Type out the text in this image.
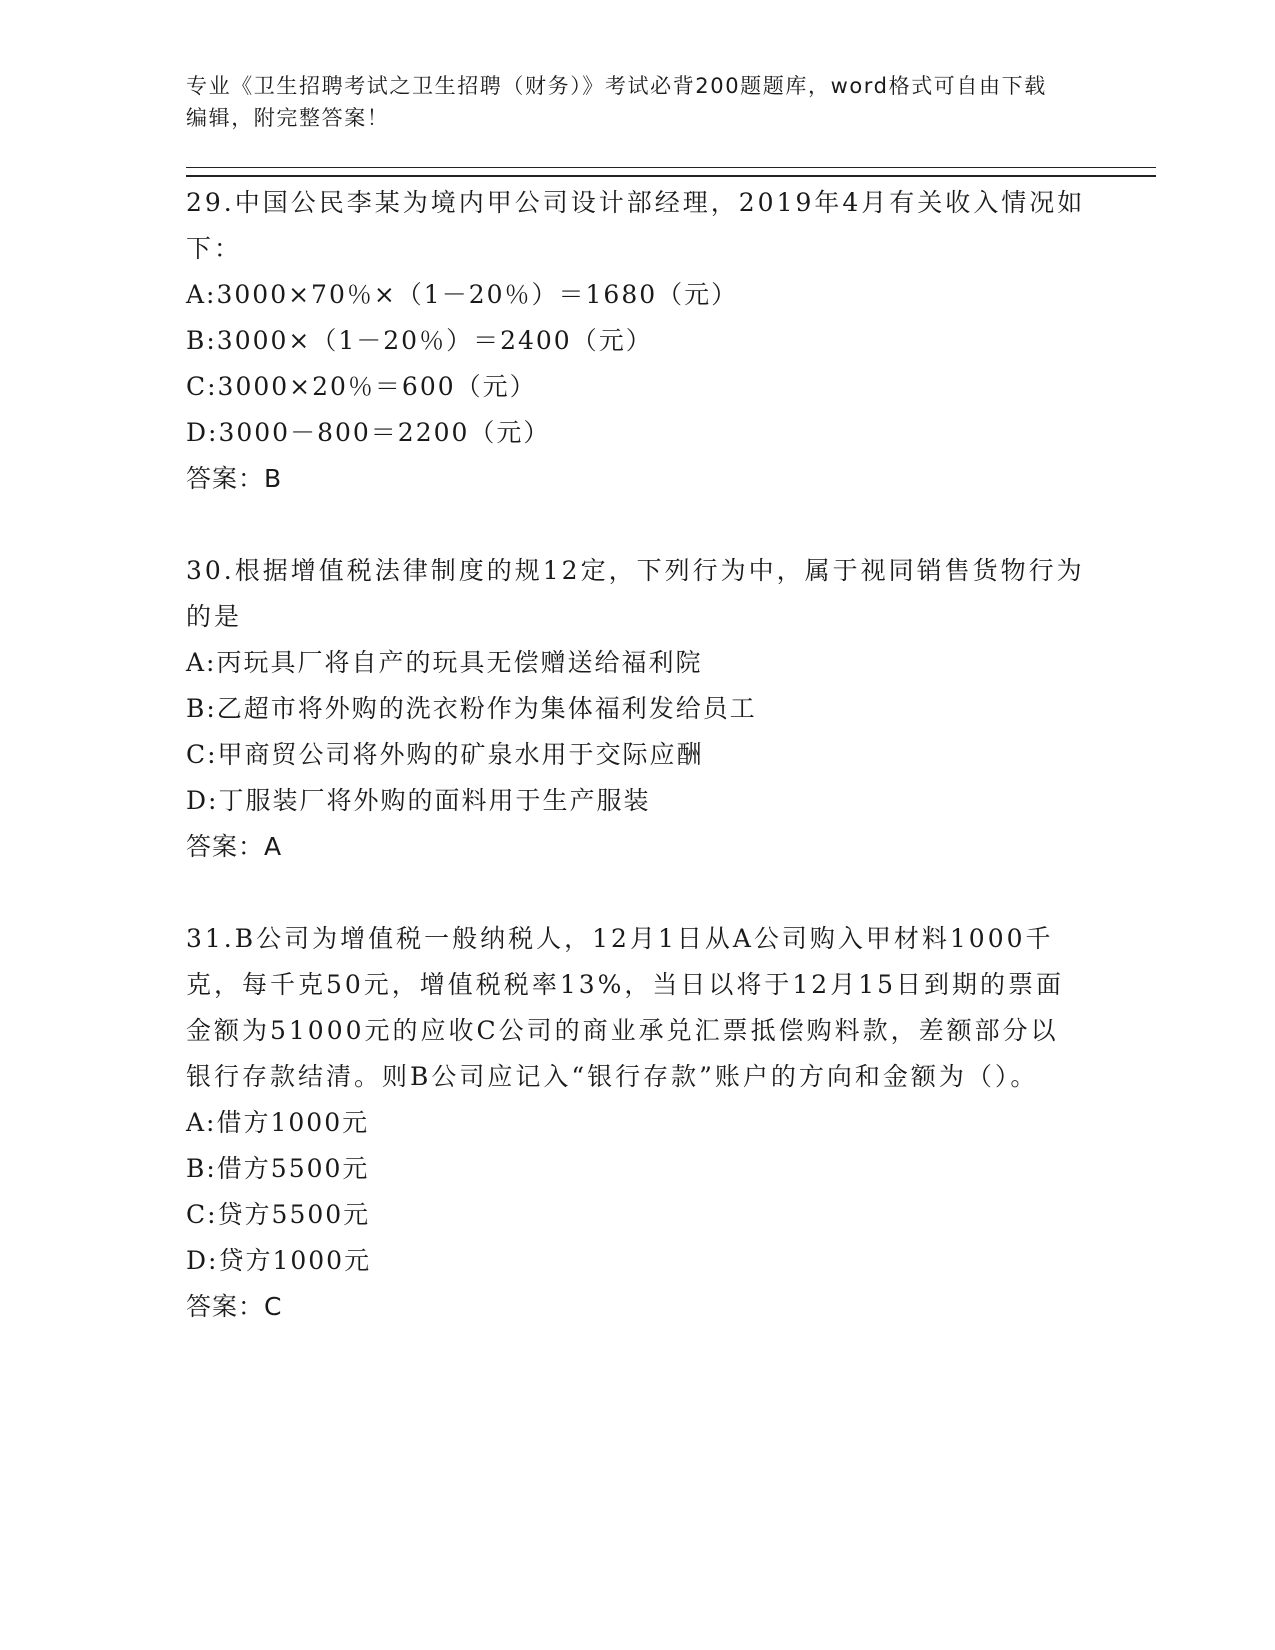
专业《卫生招聘考试之卫生招聘（财务）》考试必背200题题库，word格式可自由下载编辑，附完整答案！

29.中国公民李某为境内甲公司设计部经理，2019年4月有关收入情况如下：

A:3000×70％×（1－20％）＝1680（元）

B:3000×（1－20％）＝2400（元）

C:3000×20％＝600（元）

D:3000－800＝2200（元）

答案：B

30.根据增值税法律制度的规12定，下列行为中，属于视同销售货物行为的是

A:丙玩具厂将自产的玩具无偿赠送给福利院

B:乙超市将外购的洗衣粉作为集体福利发给员工

C:甲商贸公司将外购的矿泉水用于交际应酬

D:丁服装厂将外购的面料用于生产服装

答案：A

31.B公司为增值税一般纳税人，12月1日从A公司购入甲材料1000千克，每千克50元，增值税税率13%，当日以将于12月15日到期的票面金额为51000元的应收C公司的商业承兑汇票抵偿购料款，差额部分以银行存款结清。则B公司应记入“银行存款”账户的方向和金额为（）。

A:借方1000元

B:借方5500元

C:贷方5500元

D:贷方1000元

答案：C
